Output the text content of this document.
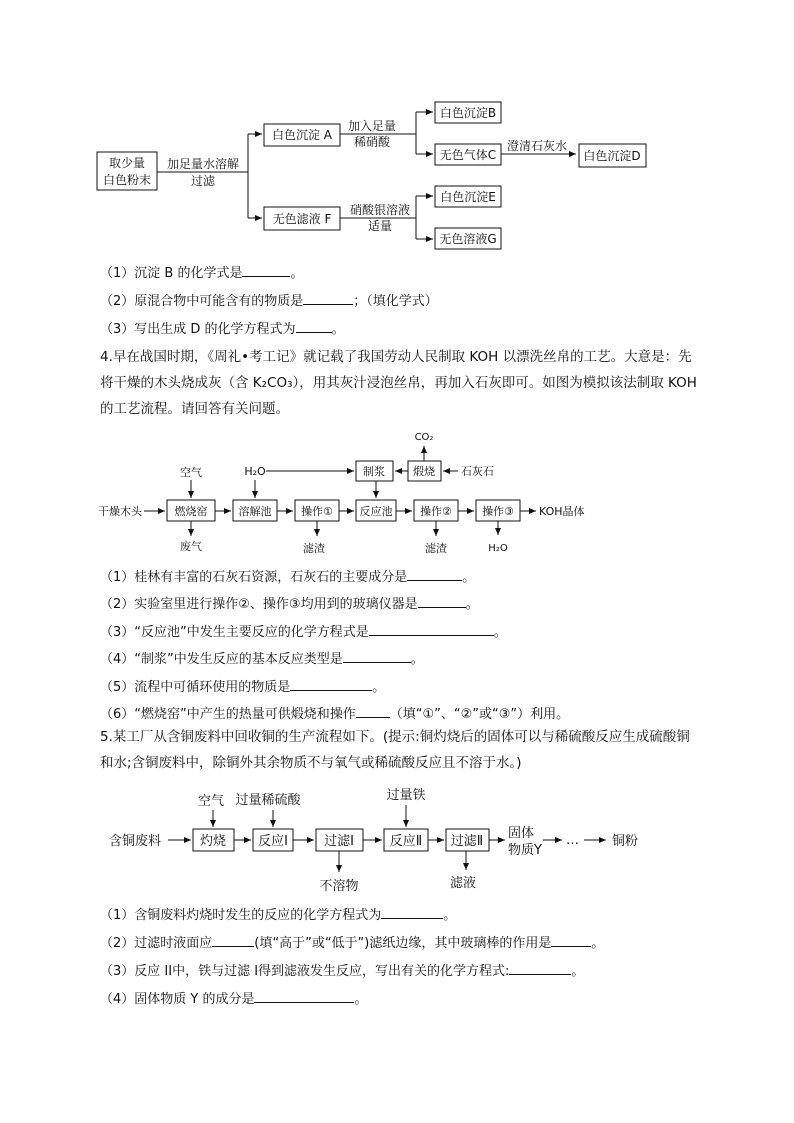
取少量
白色粉末
加足量水溶解
过滤
白色沉淀 A
加入足量
稀硝酸
白色沉淀B
无色气体C
澄清石灰水
白色沉淀D
无色滤液 F
硝酸银溶液
适量
白色沉淀E
无色溶液G
干燥木头	燃烧窑
空气
废气
溶解池
H₂O
操作①
滤渣
反应池
制浆	煅烧
CO₂
石灰石
操作②
滤渣
操作③
H₂O
KOH晶体
含铜废料	灼烧
空气
反应Ⅰ
过量稀硫酸
过滤Ⅰ
不溶物
反应Ⅱ
过量铁
过滤Ⅱ
滤液
固体
物质Y
…	铜粉
（1）沉淀 B 的化学式是	。
（2）原混合物中可能含有的物质是	；（填化学式）
（3）写出生成 D 的化学方程式为	。
4.早在战国时期，《周礼•考工记》就记载了我国劳动人民制取 KOH 以漂洗丝帛的工艺。大意是：先将干燥的木头烧成灰（含 K₂CO₃），用其灰汁浸泡丝帛，再加入石灰即可。如图为模拟该法制取 KOH 的工艺流程。请回答有关问题。
（1）桂林有丰富的石灰石资源，石灰石的主要成分是	。
（2）实验室里进行操作②、操作③均用到的玻璃仪器是	。
（3）“反应池”中发生主要反应的化学方程式是	。
（4）“制浆”中发生反应的基本反应类型是	。
（5）流程中可循环使用的物质是	。
（6）“燃烧窑”中产生的热量可供煅烧和操作	（填“①”、“②”或“③”）利用。
5.某工厂从含铜废料中回收铜的生产流程如下。(提示:铜灼烧后的固体可以与稀硫酸反应生成硫酸铜和水;含铜废料中，除铜外其余物质不与氧气或稀硫酸反应且不溶于水。)
（1）含铜废料灼烧时发生的反应的化学方程式为	。
（2）过滤时液面应	(填“高于”或“低于”)滤纸边缘，其中玻璃棒的作用是	。
（3）反应 II中，铁与过滤 I得到滤液发生反应，写出有关的化学方程式:	。
（4）固体物质 Y 的成分是	。
